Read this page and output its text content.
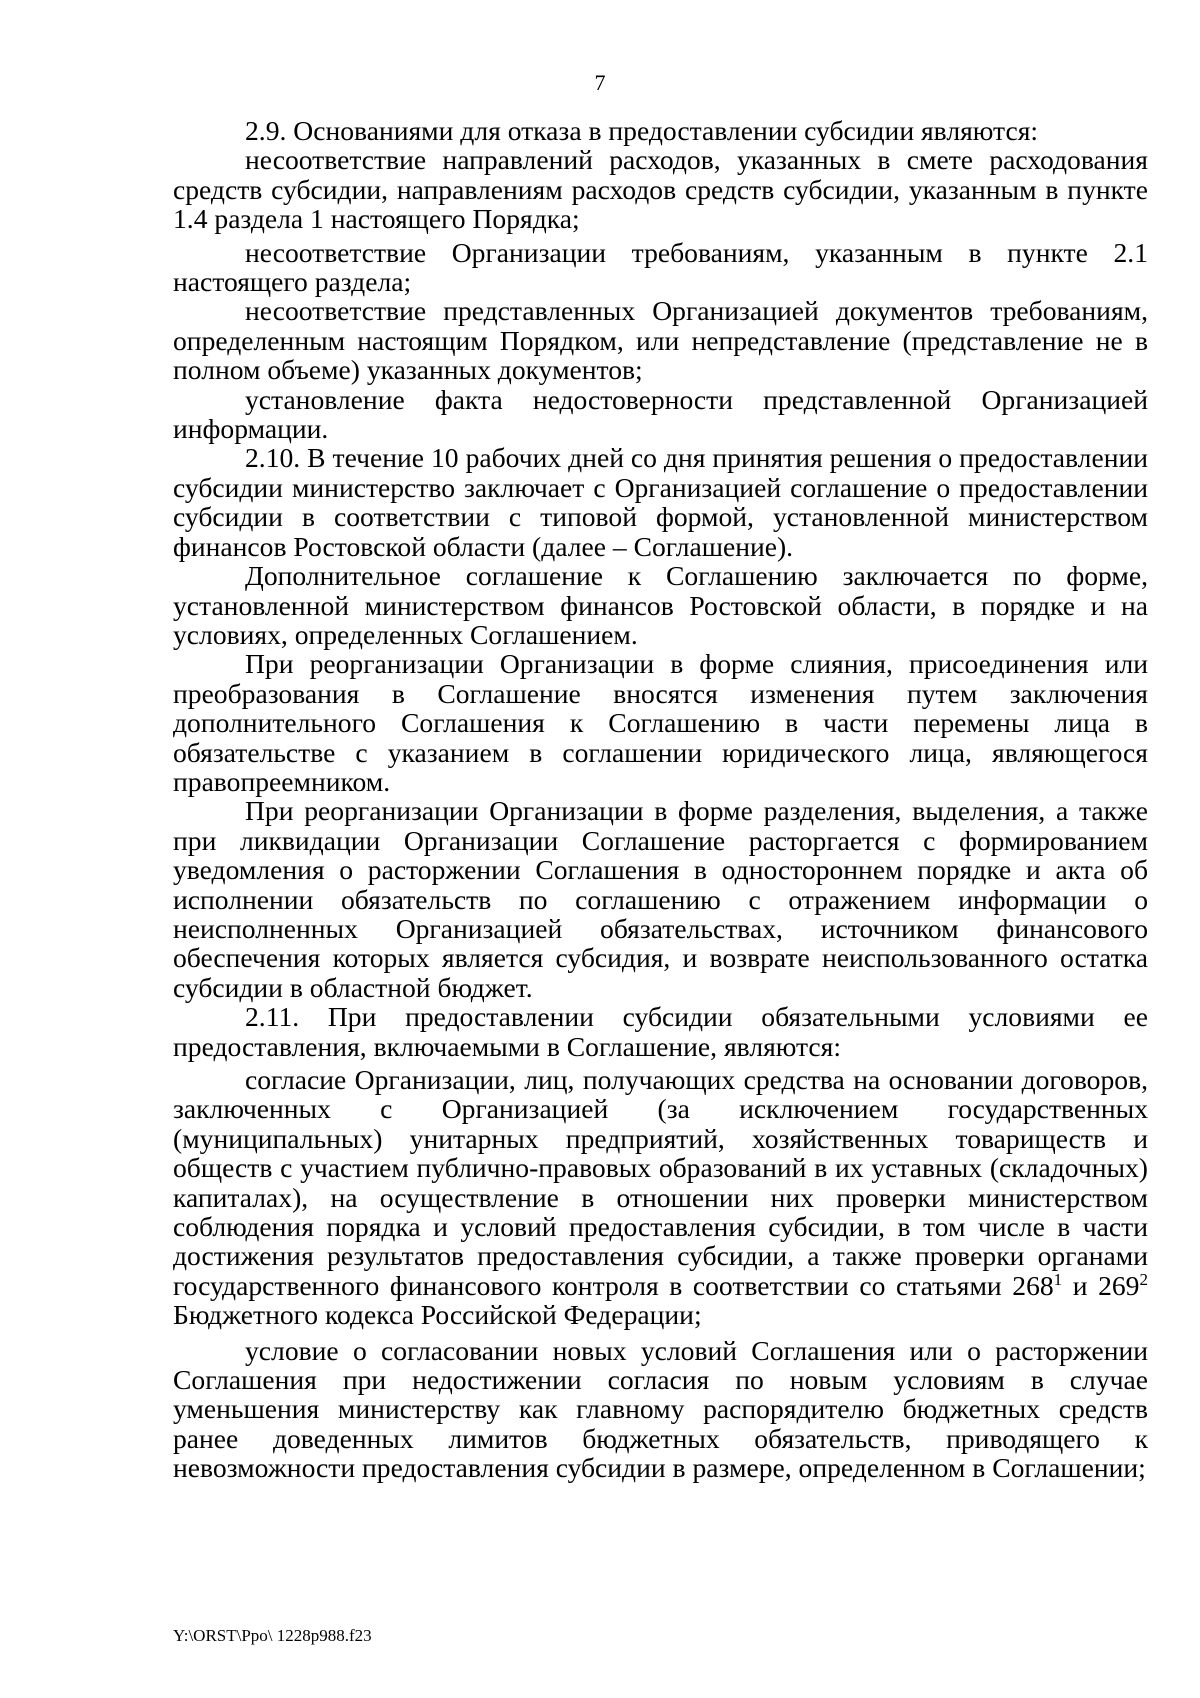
7

2.9. Основаниями для отказа в предоставлении субсидии являются:

несоответствие направлений расходов, указанных в смете расходования средств субсидии, направлениям расходов средств субсидии, указанным в пункте 1.4 раздела 1 настоящего Порядка;

несоответствие Организации требованиям, указанным в пункте 2.1 настоящего раздела;

несоответствие представленных Организацией документов требованиям, определенным настоящим Порядком, или непредставление (представление не в полном объеме) указанных документов;

установление факта недостоверности представленной Организацией информации.

2.10. В течение 10 рабочих дней со дня принятия решения о предоставлении субсидии министерство заключает с Организацией соглашение о предоставлении субсидии в соответствии с типовой формой, установленной министерством финансов Ростовской области (далее – Соглашение).

Дополнительное соглашение к Соглашению заключается по форме, установленной министерством финансов Ростовской области, в порядке и на условиях, определенных Соглашением.

При реорганизации Организации в форме слияния, присоединения или преобразования в Соглашение вносятся изменения путем заключения дополнительного Соглашения к Соглашению в части перемены лица в обязательстве с указанием в соглашении юридического лица, являющегося правопреемником.

При реорганизации Организации в форме разделения, выделения, а также при ликвидации Организации Соглашение расторгается с формированием уведомления о расторжении Соглашения в одностороннем порядке и акта об исполнении обязательств по соглашению с отражением информации о неисполненных Организацией обязательствах, источником финансового обеспечения которых является субсидия, и возврате неиспользованного остатка субсидии в областной бюджет.

2.11. При предоставлении субсидии обязательными условиями ее предоставления, включаемыми в Соглашение, являются:

согласие Организации, лиц, получающих средства на основании договоров, заключенных с Организацией (за исключением государственных (муниципальных) унитарных предприятий, хозяйственных товариществ и обществ с участием публично-правовых образований в их уставных (складочных) капиталах), на осуществление в отношении них проверки министерством соблюдения порядка и условий предоставления субсидии, в том числе в части достижения результатов предоставления субсидии, а также проверки органами государственного финансового контроля в соответствии со статьями $268^1$ и $269^2$ Бюджетного кодекса Российской Федерации;

условие о согласовании новых условий Соглашения или о расторжении Соглашения при недостижении согласия по новым условиям в случае уменьшения министерству как главному распорядителю бюджетных средств ранее доведенных лимитов бюджетных обязательств, приводящего к невозможности предоставления субсидии в размере, определенном в Соглашении;

Y:\ORST\Ppo\ 1228p988.f23
